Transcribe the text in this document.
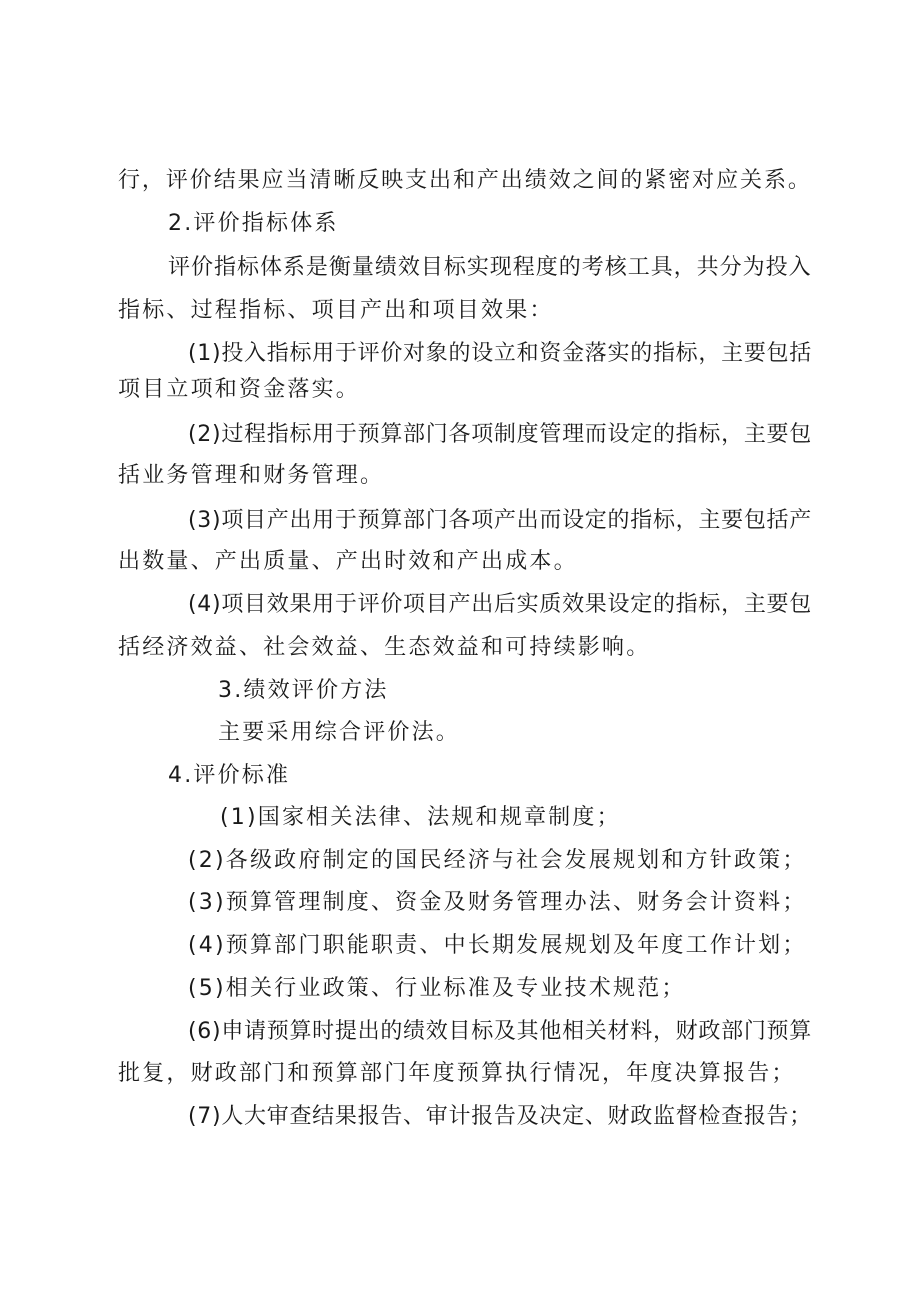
行，评价结果应当清晰反映支出和产出绩效之间的紧密对应关系。
2.评价指标体系
评价指标体系是衡量绩效目标实现程度的考核工具，共分为投入
指标、过程指标、项目产出和项目效果：
(1)投入指标用于评价对象的设立和资金落实的指标，主要包括
项目立项和资金落实。
(2)过程指标用于预算部门各项制度管理而设定的指标，主要包
括业务管理和财务管理。
(3)项目产出用于预算部门各项产出而设定的指标，主要包括产
出数量、产出质量、产出时效和产出成本。
(4)项目效果用于评价项目产出后实质效果设定的指标，主要包
括经济效益、社会效益、生态效益和可持续影响。
3.绩效评价方法
主要采用综合评价法。
4.评价标准
(1)国家相关法律、法规和规章制度；
(2)各级政府制定的国民经济与社会发展规划和方针政策；
(3)预算管理制度、资金及财务管理办法、财务会计资料；
(4)预算部门职能职责、中长期发展规划及年度工作计划；
(5)相关行业政策、行业标准及专业技术规范；
(6)申请预算时提出的绩效目标及其他相关材料，财政部门预算
批复，财政部门和预算部门年度预算执行情况，年度决算报告；
(7)人大审查结果报告、审计报告及决定、财政监督检查报告；
